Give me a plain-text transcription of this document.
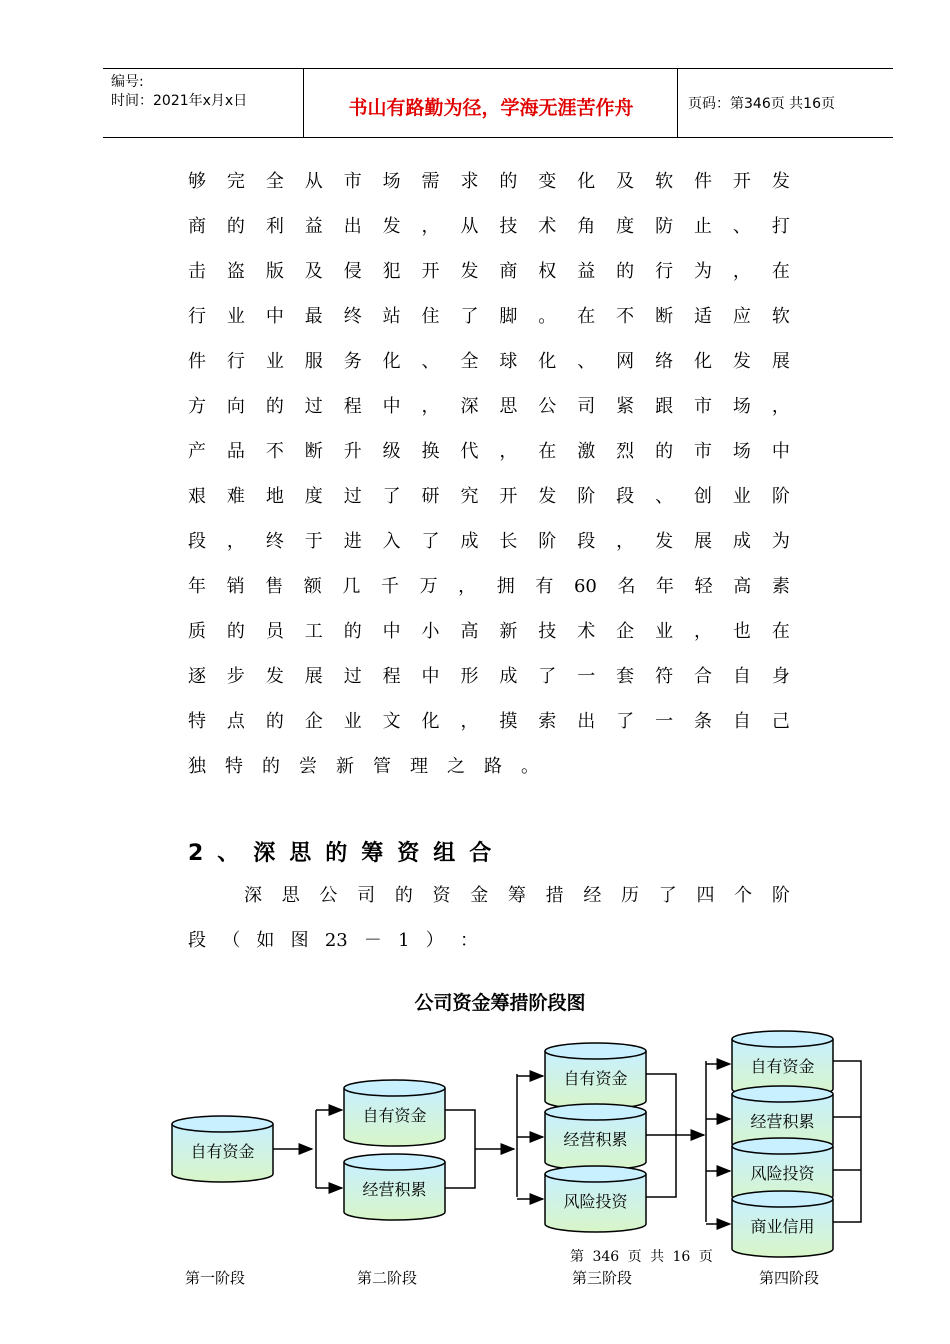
编号:
时间：2021年x月x日	书山有路勤为径，学海无涯苦作舟	页码：第346页 共16页
够 完 全 从 市 场 需 求 的 变 化 及 软 件 开 发
商 的 利 益 出 发 ， 从 技 术 角 度 防 止 、 打
击 盗 版 及 侵 犯 开 发 商 权 益 的 行 为 ， 在
行 业 中 最 终 站 住 了 脚 。 在 不 断 适 应 软
件 行 业 服 务 化 、 全 球 化 、 网 络 化 发 展
方 向 的 过 程 中 ， 深 思 公 司 紧 跟 市 场 ，
产 品 不 断 升 级 换 代 ， 在 激 烈 的 市 场 中
艰 难 地 度 过 了 研 究 开 发 阶 段 、 创 业 阶
段 ， 终 于 进 入 了 成 长 阶 段 ， 发 展 成 为
年 销 售 额 几 千 万 ， 拥 有 60 名 年 轻 高 素
质 的 员 工 的 中 小 高 新 技 术 企 业 ， 也 在
逐 步 发 展 过 程 中 形 成 了 一 套 符 合 自 身
特 点 的 企 业 文 化 ， 摸 索 出 了 一 条 自 己
独 特 的 尝 新 管 理 之 路 。
2、深思的筹资组合
深 思 公 司 的 资 金 筹 措 经 历 了 四 个 阶
段 （ 如 图 23 － 1 ） ：
公司资金筹措阶段图
自有资金
自有资金
经营积累
自有资金
经营积累
风险投资
自有资金
经营积累
风险投资
商业信用
第一阶段	第二阶段	第三阶段	第四阶段
第 346 页 共 16 页
